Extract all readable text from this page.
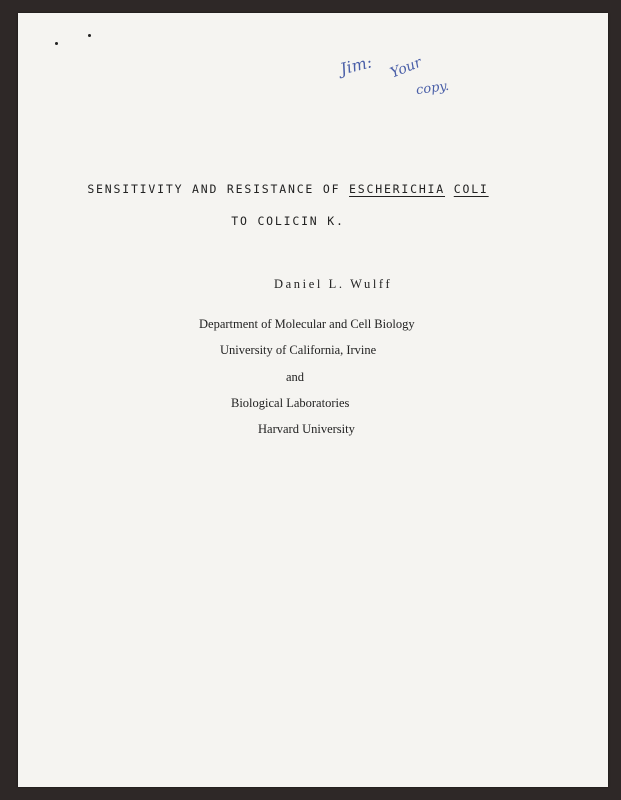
Jim: Your
copy.
SENSITIVITY AND RESISTANCE OF ESCHERICHIA COLI
TO COLICIN K.
Daniel L. Wulff
Department of Molecular and Cell Biology
University of California, Irvine
and
Biological Laboratories
Harvard University
